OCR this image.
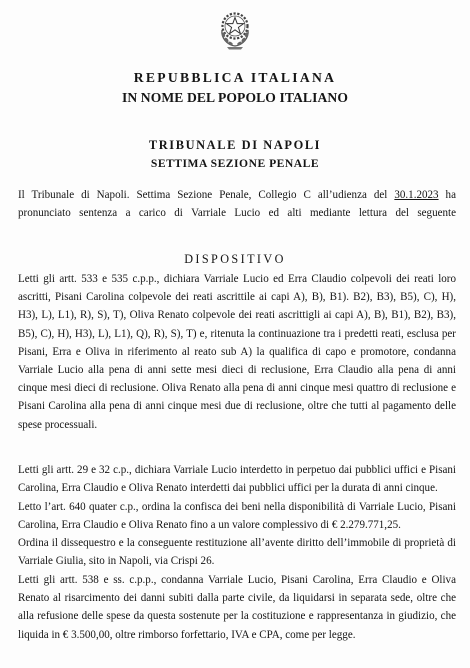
REPUBBLICA ITALIANA
IN NOME DEL POPOLO ITALIANO
TRIBUNALE DI NAPOLI
SETTIMA SEZIONE PENALE

Il Tribunale di Napoli. Settima Sezione Penale, Collegio C all’udienza del 30.1.2023 ha pronunciato sentenza a carico di Varriale Lucio ed alti mediante lettura del seguente

DISPOSITIVO

Letti gli artt. 533 e 535 c.p.p., dichiara Varriale Lucio ed Erra Claudio colpevoli dei reati loro ascritti, Pisani Carolina colpevole dei reati ascrittile ai capi A), B), B1). B2), B3), B5), C), H), H3), L), L1), R), S), T), Oliva Renato colpevole dei reati ascrittigli ai capi A), B), B1), B2), B3), B5), C), H), H3), L), L1), Q), R), S), T) e, ritenuta la continuazione tra i predetti reati, esclusa per Pisani, Erra e Oliva in riferimento al reato sub A) la qualifica di capo e promotore, condanna Varriale Lucio alla pena di anni sette mesi dieci di reclusione, Erra Claudio alla pena di anni cinque mesi dieci di reclusione. Oliva Renato alla pena di anni cinque mesi quattro di reclusione e Pisani Carolina alla pena di anni cinque mesi due di reclusione, oltre che tutti al pagamento delle spese processuali.

Letti gli artt. 29 e 32 c.p., dichiara Varriale Lucio interdetto in perpetuo dai pubblici uffici e Pisani Carolina, Erra Claudio e Oliva Renato interdetti dai pubblici uffici per la durata di anni cinque.

Letto l’art. 640 quater c.p., ordina la confisca dei beni nella disponibilità di Varriale Lucio, Pisani Carolina, Erra Claudio e Oliva Renato fino a un valore complessivo di € 2.279.771,25.

Ordina il dissequestro e la conseguente restituzione all’avente diritto dell’immobile di proprietà di Varriale Giulia, sito in Napoli, via Crispi 26.

Letti gli artt. 538 e ss. c.p.p., condanna Varriale Lucio, Pisani Carolina, Erra Claudio e Oliva Renato al risarcimento dei danni subiti dalla parte civile, da liquidarsi in separata sede, oltre che alla refusione delle spese da questa sostenute per la costituzione e rappresentanza in giudizio, che liquida in € 3.500,00, oltre rimborso forfettario, IVA e CPA, come per legge.
